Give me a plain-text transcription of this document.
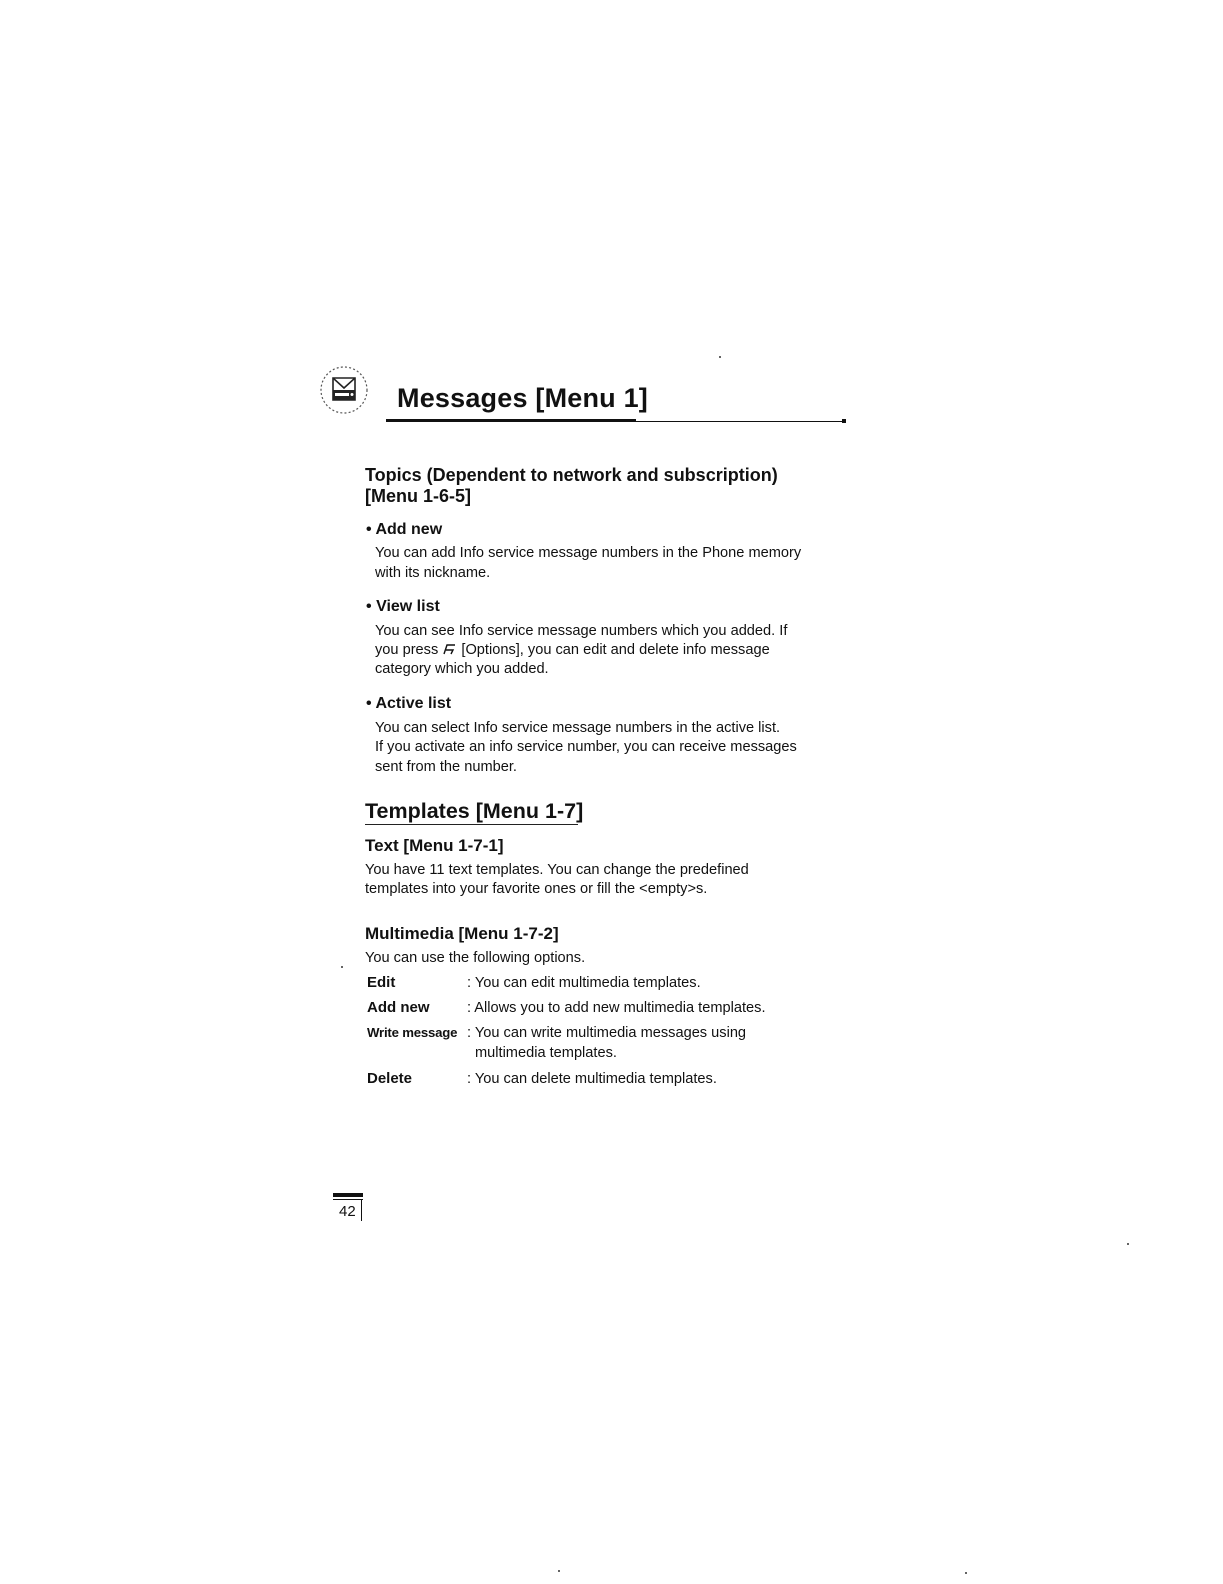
Messages [Menu 1]
Topics (Dependent to network and subscription)
[Menu 1-6-5]
• Add new
You can add Info service message numbers in the Phone memory
with its nickname.
• View list
You can see Info service message numbers which you added. If
you press [Options], you can edit and delete info message
category which you added.
• Active list
You can select Info service message numbers in the active list.
If you activate an info service number, you can receive messages
sent from the number.
Templates [Menu 1-7]
Text [Menu 1-7-1]
You have 11 text templates. You can change the predefined
templates into your favorite ones or fill the <empty>s.
Multimedia [Menu 1-7-2]
You can use the following options.
Edit	: You can edit multimedia templates.
Add new	: Allows you to add new multimedia templates.
Write message : You can write multimedia messages using
multimedia templates.
Delete	: You can delete multimedia templates.
42
